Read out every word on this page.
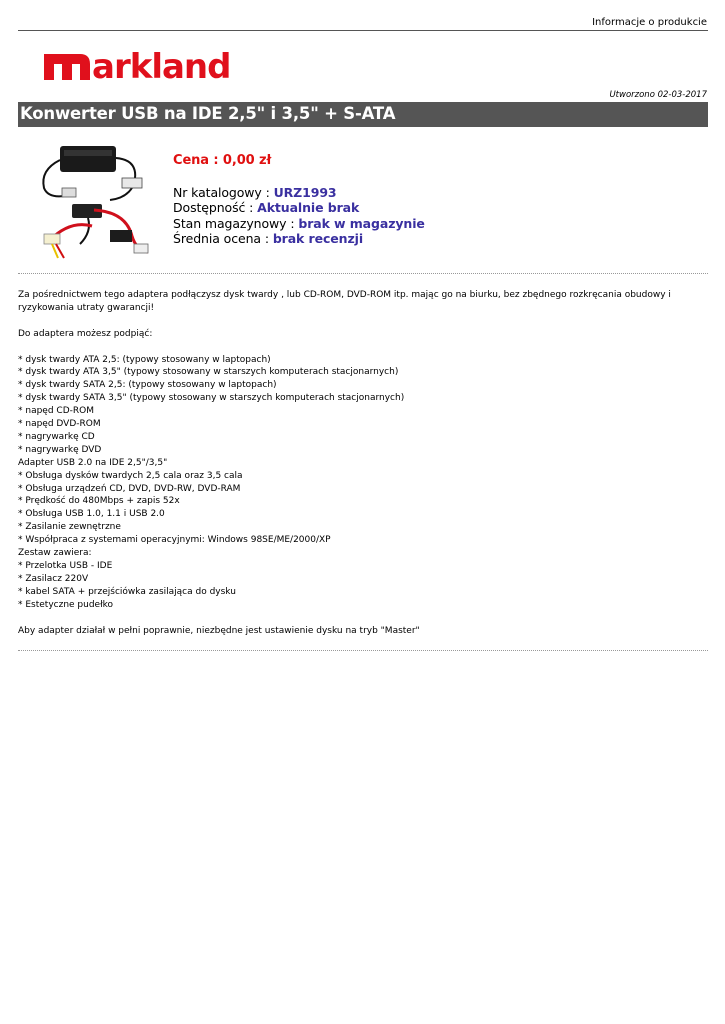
Informacje o produkcie
arkland
Utworzono 02-03-2017
Konwerter USB na IDE 2,5" i 3,5" + S-ATA
Cena : 0,00 zł
Nr katalogowy : URZ1993
Dostępność : Aktualnie brak
Stan magazynowy : brak w magazynie
Średnia ocena : brak recenzji

Za pośrednictwem tego adaptera podłączysz dysk twardy , lub CD-ROM, DVD-ROM itp. mając go na biurku, bez zbędnego rozkręcania obudowy i ryzykowania utraty gwarancji!

Do adaptera możesz podpiąć:

* dysk twardy ATA 2,5: (typowy stosowany w laptopach)

* dysk twardy ATA 3,5" (typowy stosowany w starszych komputerach stacjonarnych)

* dysk twardy SATA 2,5: (typowy stosowany w laptopach)

* dysk twardy SATA 3,5" (typowy stosowany w starszych komputerach stacjonarnych)

* napęd CD-ROM

* napęd DVD-ROM

* nagrywarkę CD

* nagrywarkę DVD

Adapter USB 2.0 na IDE 2,5"/3,5"

* Obsługa dysków twardych 2,5 cala oraz 3,5 cala

* Obsługa urządzeń CD, DVD, DVD-RW, DVD-RAM

* Prędkość do 480Mbps + zapis 52x

* Obsługa USB 1.0, 1.1 i USB 2.0

* Zasilanie zewnętrzne

* Współpraca z systemami operacyjnymi: Windows 98SE/ME/2000/XP

Zestaw zawiera:

* Przelotka USB - IDE

* Zasilacz 220V

* kabel SATA + przejściówka zasilająca do dysku

* Estetyczne pudełko

Aby adapter działał w pełni poprawnie, niezbędne jest ustawienie dysku na tryb "Master"
